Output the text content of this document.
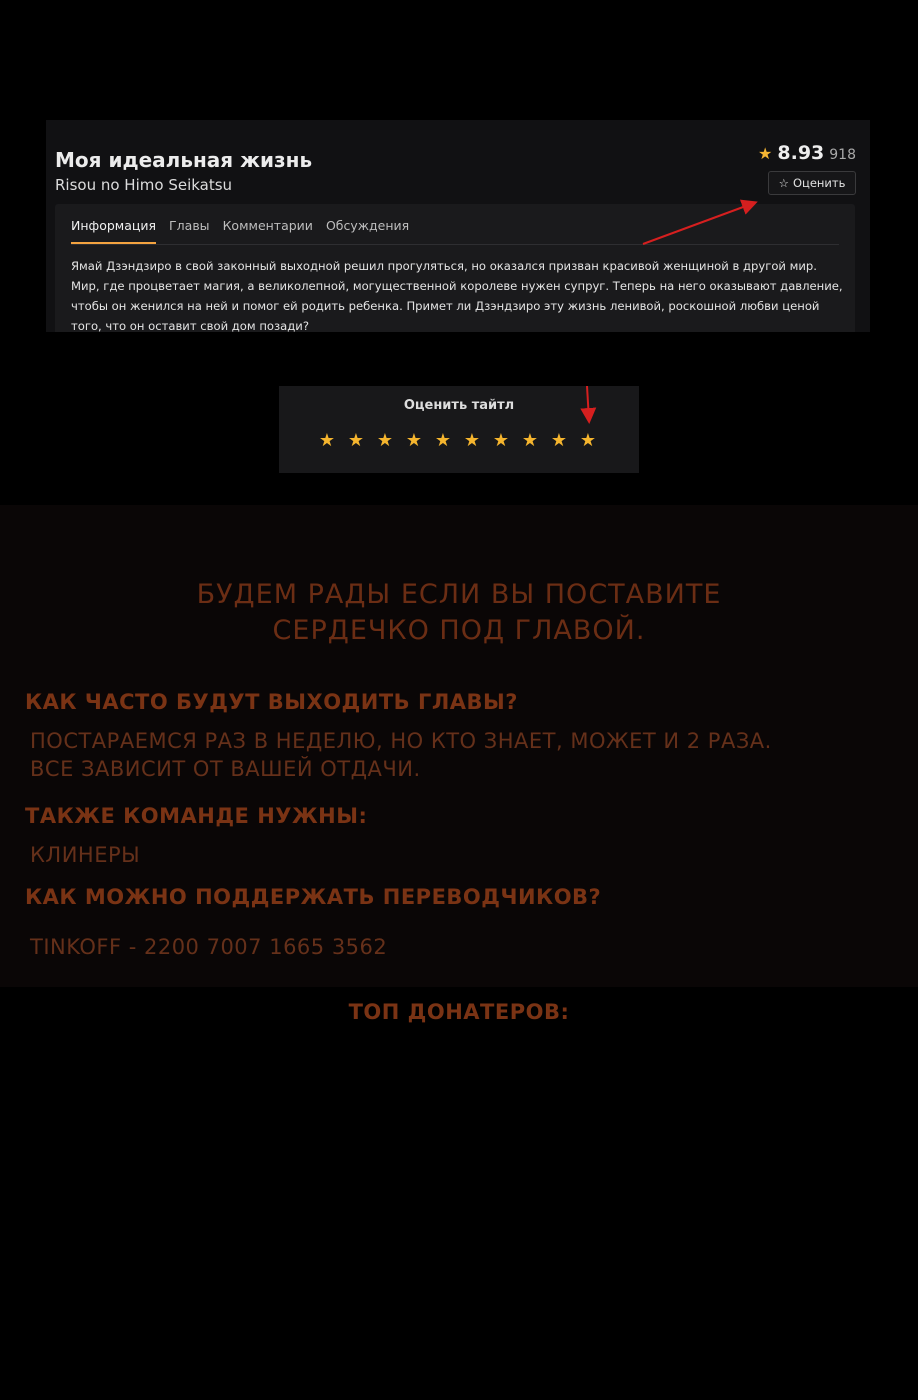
Моя идеальная жизнь
Risou no Himo Seikatsu
★ 8.93 918
☆ Оценить
Информация Главы Комментарии Обсуждения
Ямай Дзэндзиро в свой законный выходной решил прогуляться, но оказался призван красивой женщиной в другой мир. Мир, где процветает магия, а великолепной, могущественной королеве нужен супруг. Теперь на него оказывают давление, чтобы он женился на ней и помог ей родить ребенка. Примет ли Дзэндзиро эту жизнь ленивой, роскошной любви ценой того, что он оставит свой дом позади?
Оценить тайтл
★ ★ ★ ★ ★ ★ ★ ★ ★ ★
БУДЕМ РАДЫ ЕСЛИ ВЫ ПОСТАВИТЕ
СЕРДЕЧКО ПОД ГЛАВОЙ.
КАК ЧАСТО БУДУТ ВЫХОДИТЬ ГЛАВЫ?
ПОСТАРАЕМСЯ РАЗ В НЕДЕЛЮ, НО КТО ЗНАЕТ, МОЖЕТ И 2 РАЗА.
ВСЕ ЗАВИСИТ ОТ ВАШЕЙ ОТДАЧИ.
ТАКЖЕ КОМАНДЕ НУЖНЫ:
КЛИНЕРЫ
КАК МОЖНО ПОДДЕРЖАТЬ ПЕРЕВОДЧИКОВ?
TINKOFF - 2200 7007 1665 3562
ТОП ДОНАТЕРОВ:
